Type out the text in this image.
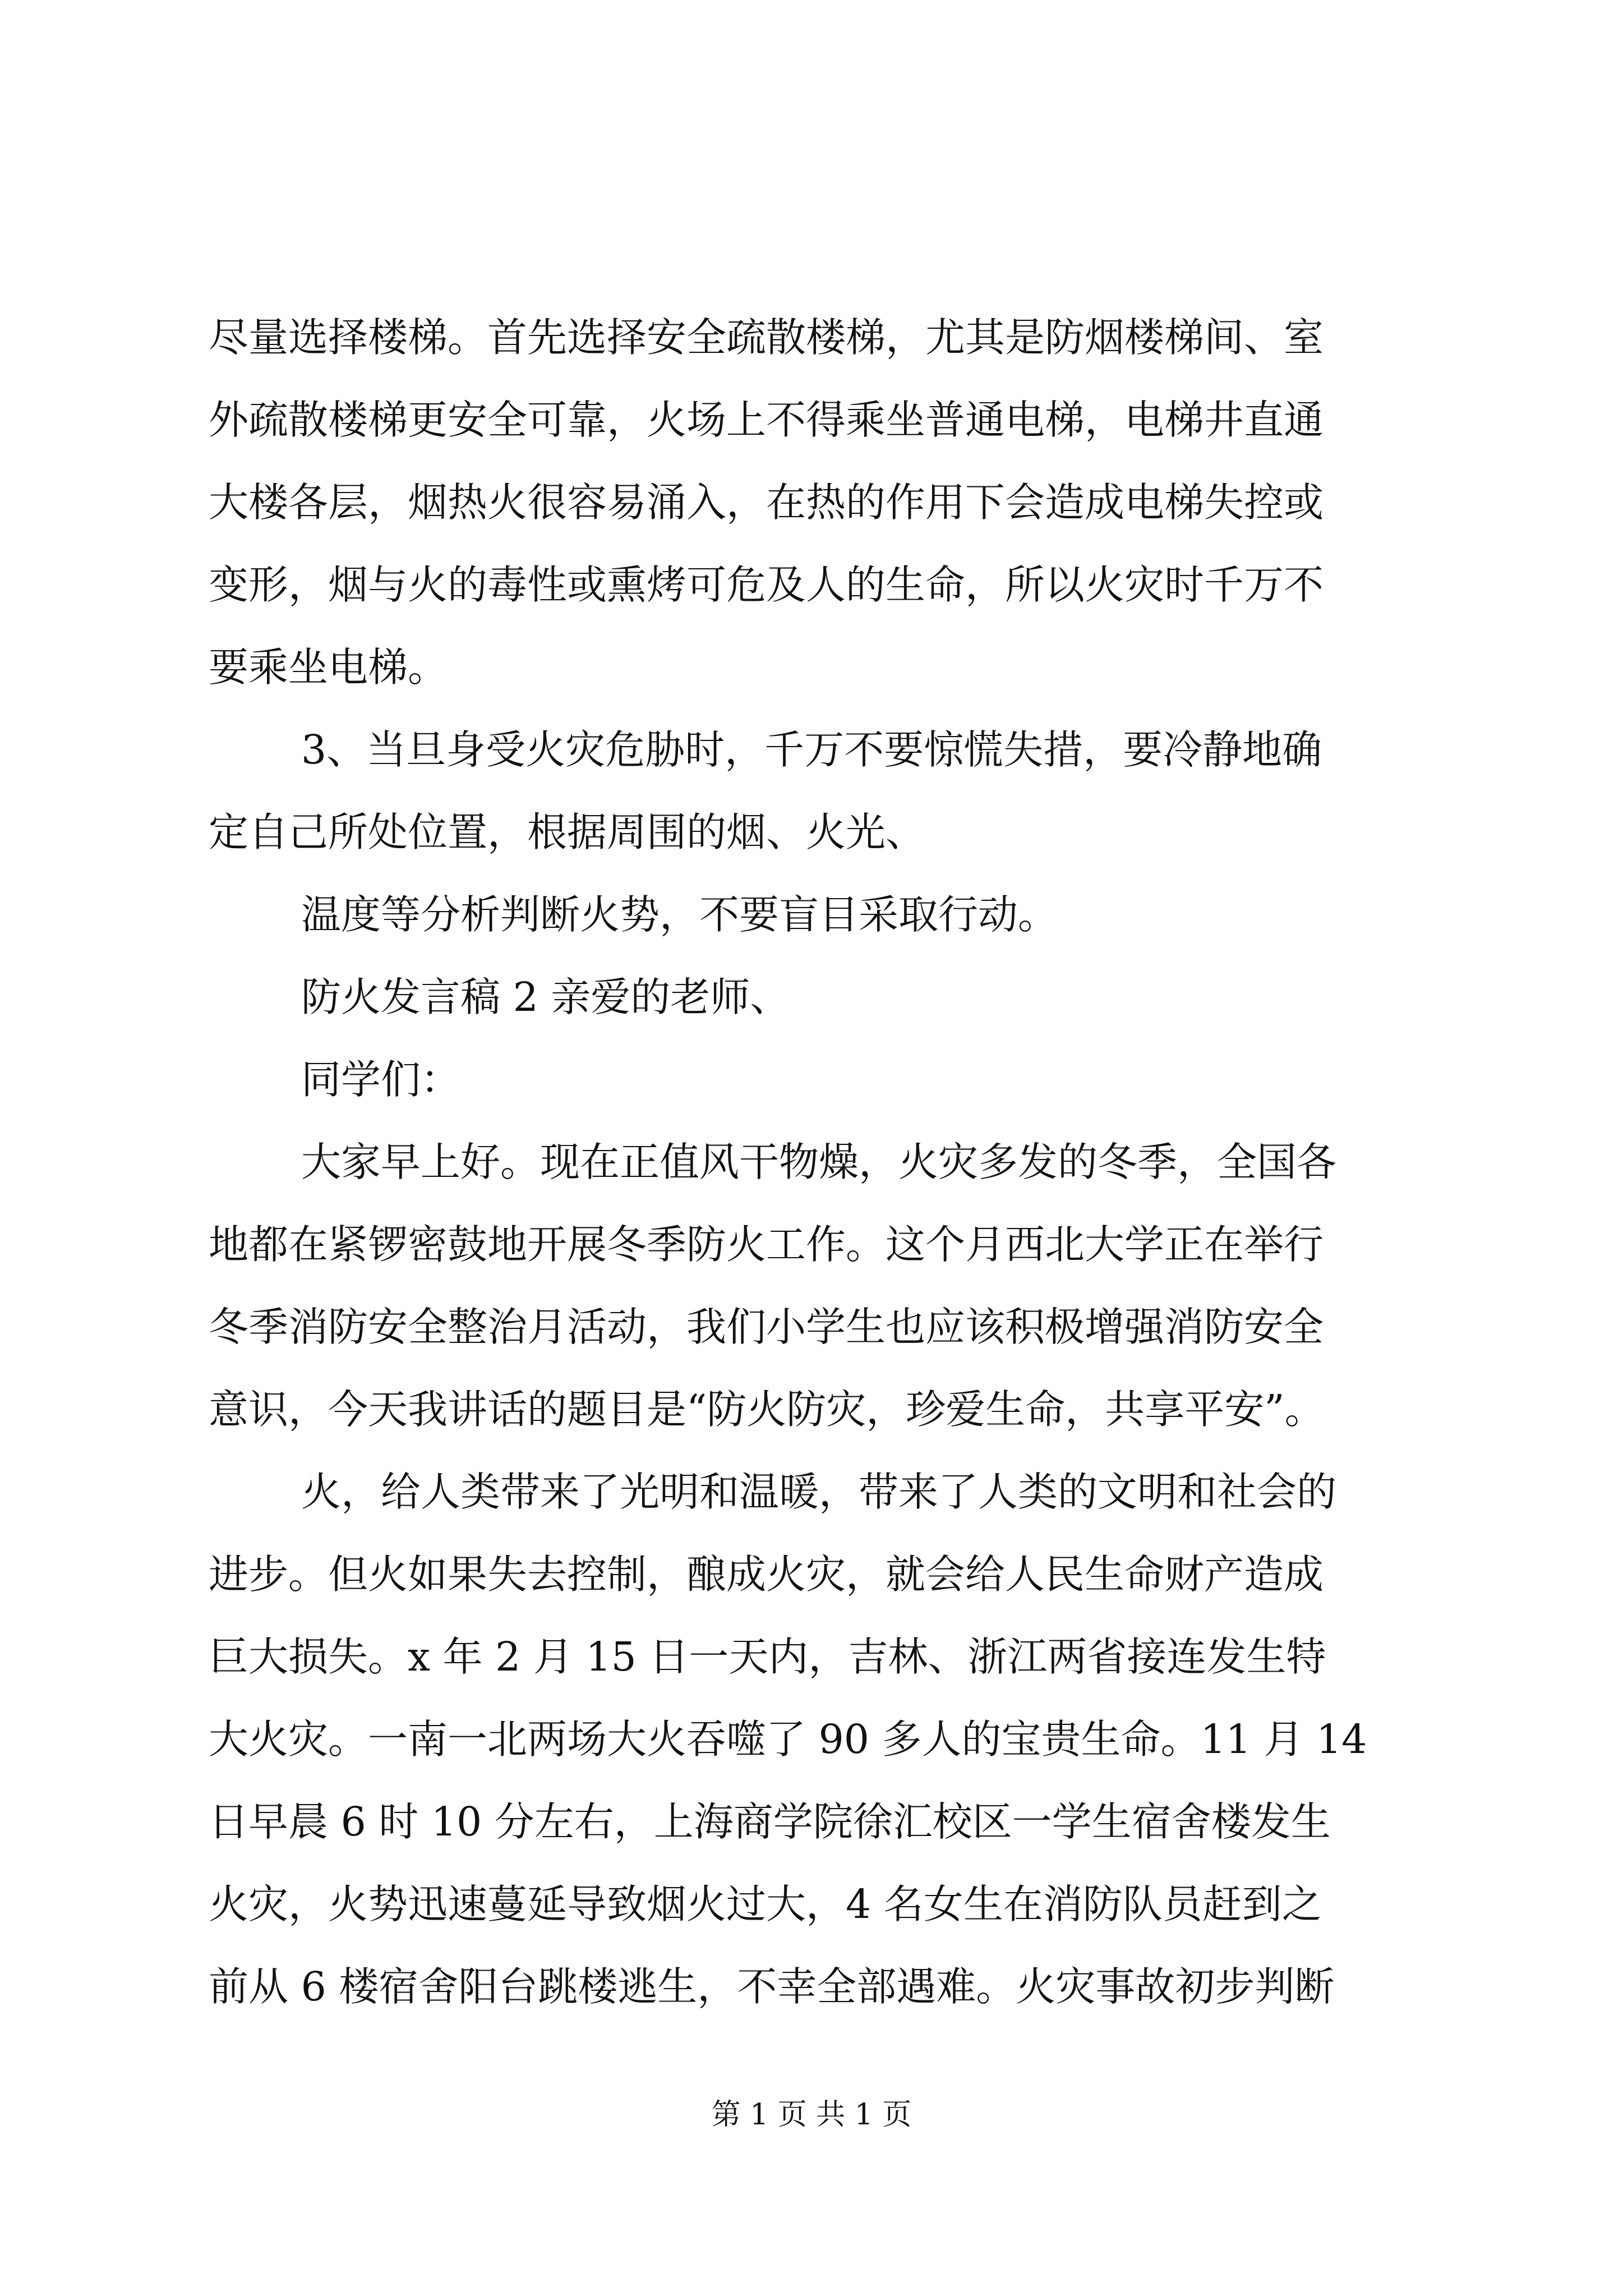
尽量选择楼梯。首先选择安全疏散楼梯，尤其是防烟楼梯间、室
外疏散楼梯更安全可靠，火场上不得乘坐普通电梯，电梯井直通
大楼各层，烟热火很容易涌入，在热的作用下会造成电梯失控或
变形，烟与火的毒性或熏烤可危及人的生命，所以火灾时千万不
要乘坐电梯。
3、当旦身受火灾危胁时，千万不要惊慌失措，要冷静地确
定自己所处位置，根据周围的烟、火光、
温度等分析判断火势，不要盲目采取行动。
防火发言稿 2 亲爱的老师、
同学们：
大家早上好。现在正值风干物燥，火灾多发的冬季，全国各
地都在紧锣密鼓地开展冬季防火工作。这个月西北大学正在举行
冬季消防安全整治月活动，我们小学生也应该积极增强消防安全
意识，今天我讲话的题目是“防火防灾，珍爱生命，共享平安”。
火，给人类带来了光明和温暖，带来了人类的文明和社会的
进步。但火如果失去控制，酿成火灾，就会给人民生命财产造成
巨大损失。x 年 2 月 15 日一天内，吉林、浙江两省接连发生特
大火灾。一南一北两场大火吞噬了 90 多人的宝贵生命。11 月 14
日早晨 6 时 10 分左右，上海商学院徐汇校区一学生宿舍楼发生
火灾，火势迅速蔓延导致烟火过大，4 名女生在消防队员赶到之
前从 6 楼宿舍阳台跳楼逃生，不幸全部遇难。火灾事故初步判断
第 1 页 共 1 页
